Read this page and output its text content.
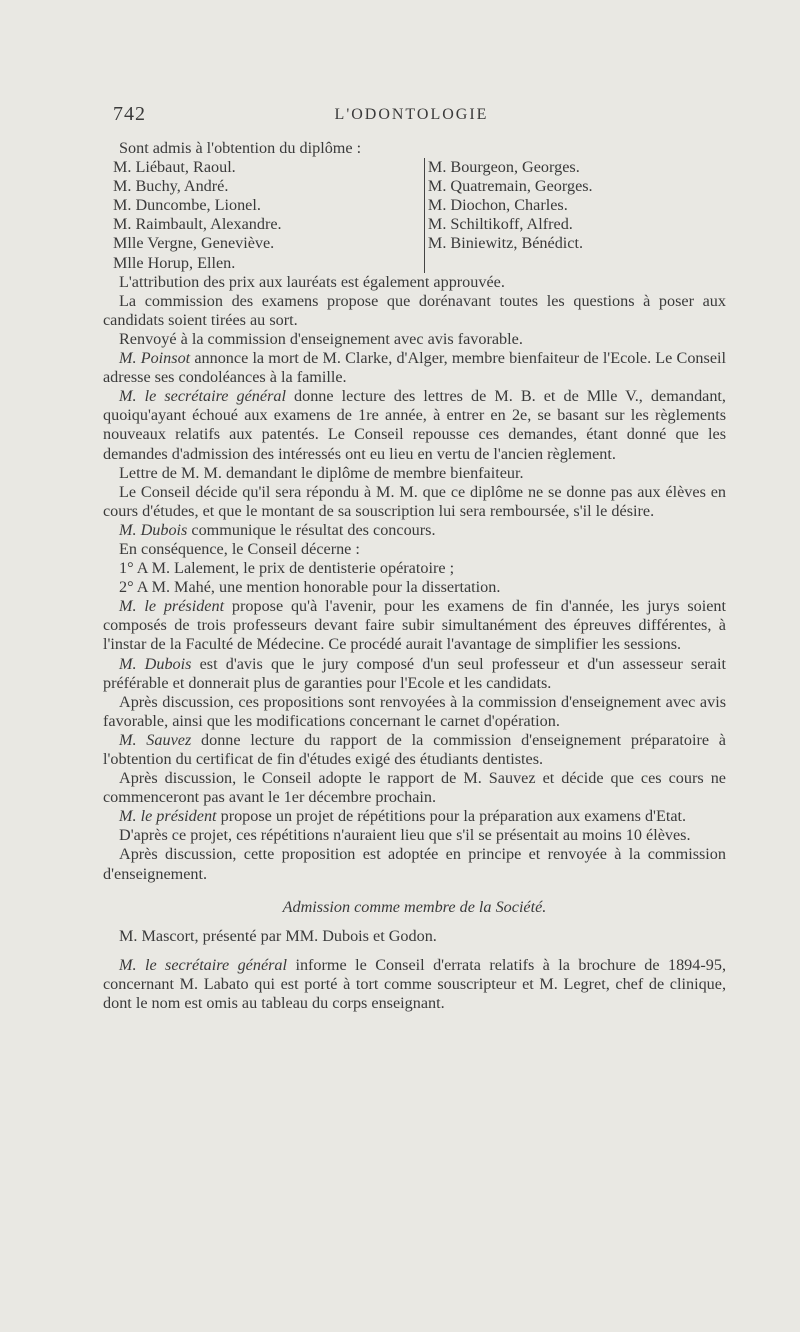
742	L'ODONTOLOGIE

Sont admis à l'obtention du diplôme :

M. Liébaut, Raoul.
M. Buchy, André.
M. Duncombe, Lionel.
M. Raimbault, Alexandre.
Mlle Vergne, Geneviève.
Mlle Horup, Ellen.
M. Bourgeon, Georges.
M. Quatremain, Georges.
M. Diochon, Charles.
M. Schiltikoff, Alfred.
M. Biniewitz, Bénédict.

L'attribution des prix aux lauréats est également approuvée.

La commission des examens propose que dorénavant toutes les questions à poser aux candidats soient tirées au sort.

Renvoyé à la commission d'enseignement avec avis favorable.

M. Poinsot annonce la mort de M. Clarke, d'Alger, membre bienfaiteur de l'Ecole. Le Conseil adresse ses condoléances à la famille.

M. le secrétaire général donne lecture des lettres de M. B. et de Mlle V., demandant, quoiqu'ayant échoué aux examens de 1re année, à entrer en 2e, se basant sur les règlements nouveaux relatifs aux patentés. Le Conseil repousse ces demandes, étant donné que les demandes d'admission des intéressés ont eu lieu en vertu de l'ancien règlement.

Lettre de M. M. demandant le diplôme de membre bienfaiteur.

Le Conseil décide qu'il sera répondu à M. M. que ce diplôme ne se donne pas aux élèves en cours d'études, et que le montant de sa souscription lui sera remboursée, s'il le désire.

M. Dubois communique le résultat des concours.

En conséquence, le Conseil décerne :

1° A M. Lalement, le prix de dentisterie opératoire ;

2° A M. Mahé, une mention honorable pour la dissertation.

M. le président propose qu'à l'avenir, pour les examens de fin d'année, les jurys soient composés de trois professeurs devant faire subir simultanément des épreuves différentes, à l'instar de la Faculté de Médecine. Ce procédé aurait l'avantage de simplifier les sessions.

M. Dubois est d'avis que le jury composé d'un seul professeur et d'un assesseur serait préférable et donnerait plus de garanties pour l'Ecole et les candidats.

Après discussion, ces propositions sont renvoyées à la commission d'enseignement avec avis favorable, ainsi que les modifications concernant le carnet d'opération.

M. Sauvez donne lecture du rapport de la commission d'enseignement préparatoire à l'obtention du certificat de fin d'études exigé des étudiants dentistes.

Après discussion, le Conseil adopte le rapport de M. Sauvez et décide que ces cours ne commenceront pas avant le 1er décembre prochain.

M. le président propose un projet de répétitions pour la préparation aux examens d'Etat.

D'après ce projet, ces répétitions n'auraient lieu que s'il se présentait au moins 10 élèves.

Après discussion, cette proposition est adoptée en principe et renvoyée à la commission d'enseignement.

Admission comme membre de la Société.

M. Mascort, présenté par MM. Dubois et Godon.

M. le secrétaire général informe le Conseil d'errata relatifs à la brochure de 1894-95, concernant M. Labato qui est porté à tort comme souscripteur et M. Legret, chef de clinique, dont le nom est omis au tableau du corps enseignant.
